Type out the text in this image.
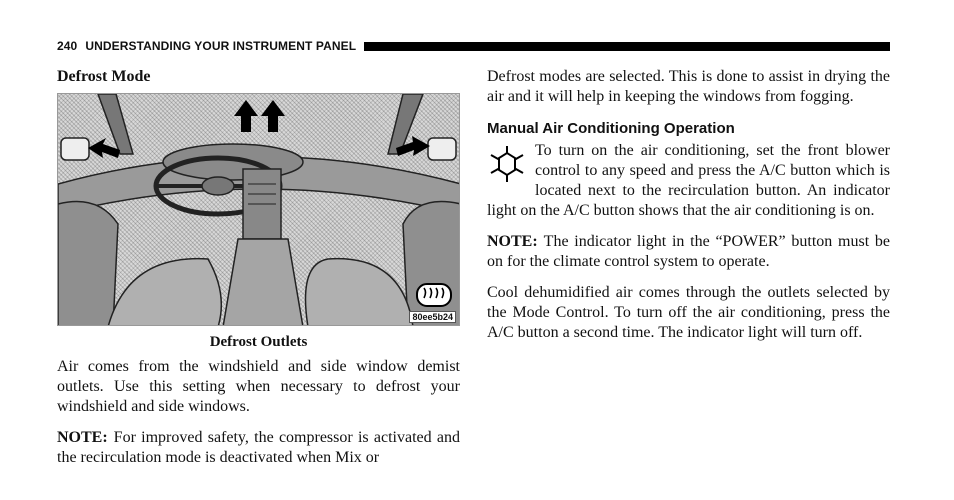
240 UNDERSTANDING YOUR INSTRUMENT PANEL
Defrost Mode
80ee5b24
Defrost Outlets

Air comes from the windshield and side window demist outlets. Use this setting when necessary to defrost your windshield and side windows.

NOTE: For improved safety, the compressor is activated and the recirculation mode is deactivated when Mix or

Defrost modes are selected. This is done to assist in drying the air and it will help in keeping the windows from fogging.

Manual Air Conditioning Operation

To turn on the air conditioning, set the front blower control to any speed and press the A/C button which is located next to the recirculation button. An indicator light on the A/C button shows that the air conditioning is on.

NOTE: The indicator light in the “POWER” button must be on for the climate control system to operate.

Cool dehumidified air comes through the outlets selected by the Mode Control. To turn off the air conditioning, press the A/C button a second time. The indicator light will turn off.
